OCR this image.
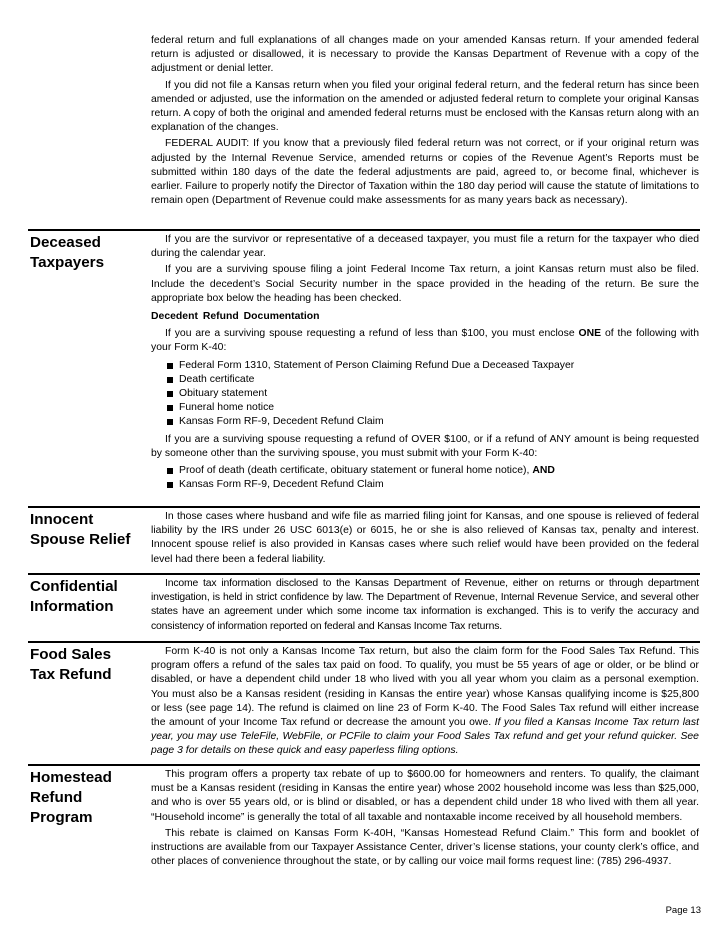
federal return and full explanations of all changes made on your amended Kansas return. If your amended federal return is adjusted or disallowed, it is necessary to provide the Kansas Department of Revenue with a copy of the adjustment or denial letter.

If you did not file a Kansas return when you filed your original federal return, and the federal return has since been amended or adjusted, use the information on the amended or adjusted federal return to complete your original Kansas return. A copy of both the original and amended federal returns must be enclosed with the Kansas return along with an explanation of the changes.

FEDERAL AUDIT: If you know that a previously filed federal return was not correct, or if your original return was adjusted by the Internal Revenue Service, amended returns or copies of the Revenue Agent’s Reports must be submitted within 180 days of the date the federal adjustments are paid, agreed to, or become final, whichever is earlier. Failure to properly notify the Director of Taxation within the 180 day period will cause the statute of limitations to remain open (Department of Revenue could make assessments for as many years back as necessary).

Deceased
Taxpayers

If you are the survivor or representative of a deceased taxpayer, you must file a return for the taxpayer who died during the calendar year.

If you are a surviving spouse filing a joint Federal Income Tax return, a joint Kansas return must also be filed. Include the decedent’s Social Security number in the space provided in the heading of the return. Be sure the appropriate box below the heading has been checked.

Decedent Refund Documentation

If you are a surviving spouse requesting a refund of less than $100, you must enclose ONE of the following with your Form K-40:

Federal Form 1310, Statement of Person Claiming Refund Due a Deceased Taxpayer
Death certificate
Obituary statement
Funeral home notice
Kansas Form RF-9, Decedent Refund Claim

If you are a surviving spouse requesting a refund of OVER $100, or if a refund of ANY amount is being requested by someone other than the surviving spouse, you must submit with your Form K-40:

Proof of death (death certificate, obituary statement or funeral home notice), AND
Kansas Form RF-9, Decedent Refund Claim
Innocent
Spouse Relief

In those cases where husband and wife file as married filing joint for Kansas, and one spouse is relieved of federal liability by the IRS under 26 USC 6013(e) or 6015, he or she is also relieved of Kansas tax, penalty and interest. Innocent spouse relief is also provided in Kansas cases where such relief would have been provided on the federal level had there been a federal liability.

Confidential
Information

Income tax information disclosed to the Kansas Department of Revenue, either on returns or through department investigation, is held in strict confidence by law. The Department of Revenue, Internal Revenue Service, and several other states have an agreement under which some income tax information is exchanged. This is to verify the accuracy and consistency of information reported on federal and Kansas Income Tax returns.

Food Sales
Tax Refund

Form K-40 is not only a Kansas Income Tax return, but also the claim form for the Food Sales Tax Refund. This program offers a refund of the sales tax paid on food. To qualify, you must be 55 years of age or older, or be blind or disabled, or have a dependent child under 18 who lived with you all year whom you claim as a personal exemption. You must also be a Kansas resident (residing in Kansas the entire year) whose Kansas qualifying income is $25,800 or less (see page 14). The refund is claimed on line 23 of Form K-40. The Food Sales Tax refund will either increase the amount of your Income Tax refund or decrease the amount you owe. If you filed a Kansas Income Tax return last year, you may use TeleFile, WebFile, or PCFile to claim your Food Sales Tax refund and get your refund quicker. See page 3 for details on these quick and easy paperless filing options.

Homestead
Refund
Program

This program offers a property tax rebate of up to $600.00 for homeowners and renters. To qualify, the claimant must be a Kansas resident (residing in Kansas the entire year) whose 2002 household income was less than $25,000, and who is over 55 years old, or is blind or disabled, or has a dependent child under 18 who lived with them all year. “Household income” is generally the total of all taxable and nontaxable income received by all household members.

This rebate is claimed on Kansas Form K-40H, “Kansas Homestead Refund Claim.” This form and booklet of instructions are available from our Taxpayer Assistance Center, driver’s license stations, your county clerk’s office, and other places of convenience throughout the state, or by calling our voice mail forms request line: (785) 296-4937.

Page 13
